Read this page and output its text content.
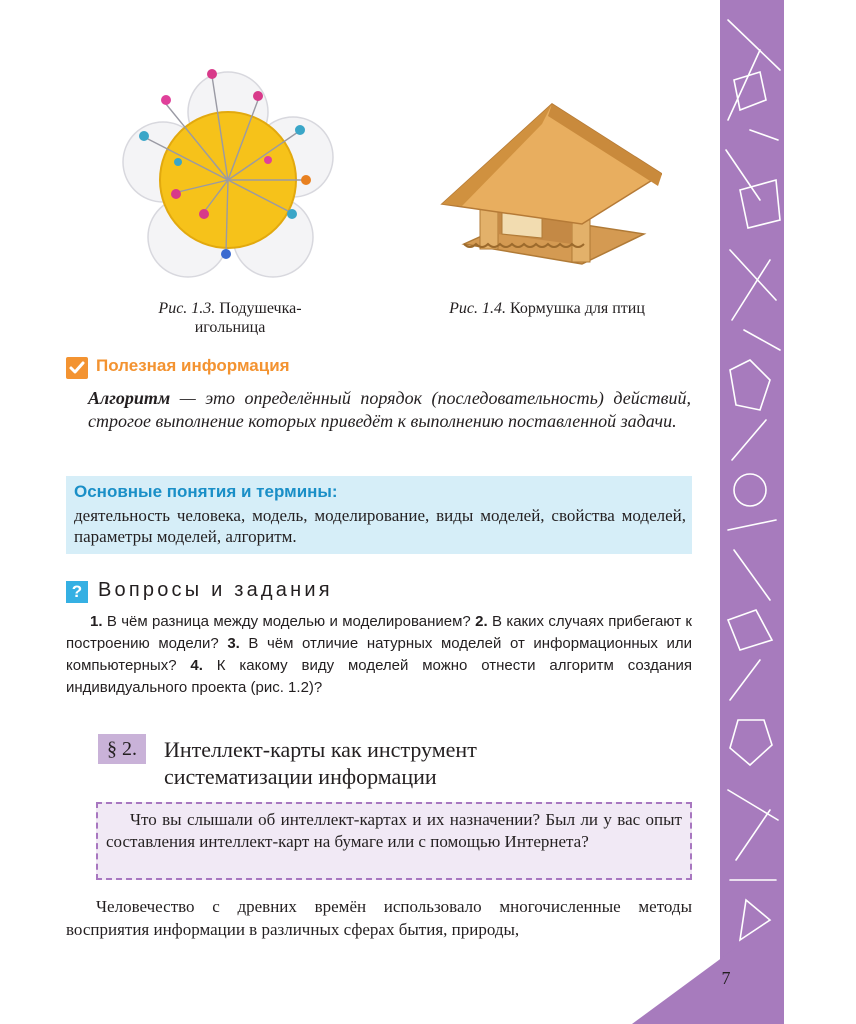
Рис. 1.3. Подушечка-игольница
Рис. 1.4. Кормушка для птиц
Полезная информация
Алгоритм — это определённый порядок (последовательность) действий, строгое выполнение которых приведёт к выполнению поставленной задачи.
Основные понятия и термины:
деятельность человека, модель, моделирование, виды моделей, свойства моделей, параметры моделей, алгоритм.
? Вопросы и задания

1. В чём разница между моделью и моделированием? 2. В каких случаях прибегают к построению модели? 3. В чём отличие натурных моделей от информационных или компьютерных? 4. К какому виду моделей можно отнести алгоритм создания индивидуального проекта (рис. 1.2)?

§ 2.	Интеллект-карты как инструмент
систематизации информации
Что вы слышали об интеллект-картах и их назначении? Был ли у вас опыт составления интеллект-карт на бумаге или с помощью Интернета?

Человечество с древних времён использовало многочисленные методы восприятия информации в различных сферах бытия, природы,

7
